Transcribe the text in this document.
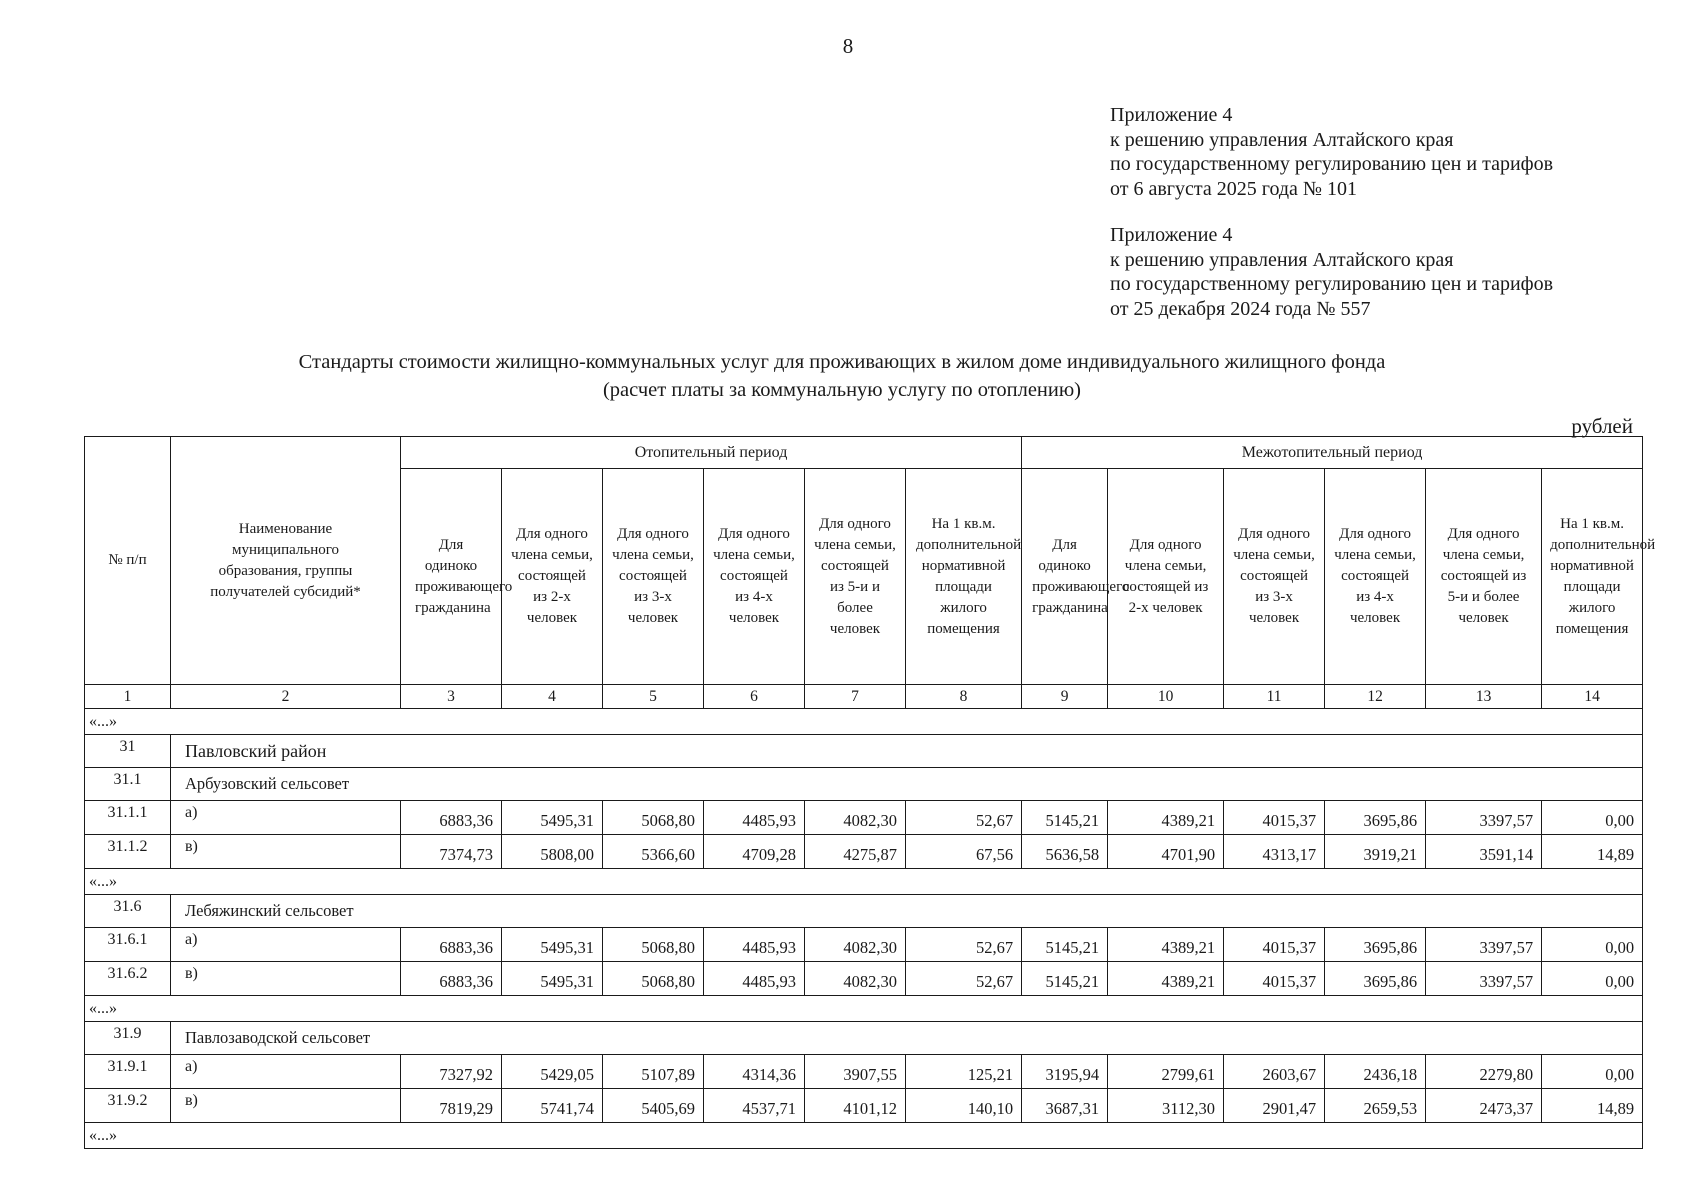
8
Приложение 4
к решению управления Алтайского края
по государственному регулированию цен и тарифов
от 6 августа 2025 года № 101
Приложение 4
к решению управления Алтайского края
по государственному регулированию цен и тарифов
от 25 декабря 2024 года № 557
Стандарты стоимости жилищно-коммунальных услуг для проживающих в жилом доме индивидуального жилищного фонда
(расчет платы за коммунальную услугу по отоплению)
рублей
№ п/п	Наименование муниципального образования, группы получателей субсидий*	Отопительный период						Межотопительный период					
		Для одиноко проживающего гражданина	Для одного члена семьи, состоящей из 2-х человек	Для одного члена семьи, состоящей из 3-х человек	Для одного члена семьи, состоящей из 4-х человек	Для одного члена семьи, состоящей из 5-и и более человек	На 1 кв.м. дополнительной нормативной площади жилого помещения	Для одиноко проживающего гражданина	Для одного члена семьи, состоящей из 2-х человек	Для одного члена семьи, состоящей из 3-х человек	Для одного члена семьи, состоящей из 4-х человек	Для одного члена семьи, состоящей из 5-и и более человек	На 1 кв.м. дополнительной нормативной площади жилого помещения
1	2	3	4	5	6	7	8	9	10	11	12	13	14
«...»													
31	Павловский район												
31.1	Арбузовский сельсовет												
31.1.1	а)	6883,36	5495,31	5068,80	4485,93	4082,30	52,67	5145,21	4389,21	4015,37	3695,86	3397,57	0,00
31.1.2	в)	7374,73	5808,00	5366,60	4709,28	4275,87	67,56	5636,58	4701,90	4313,17	3919,21	3591,14	14,89
«...»													
31.6	Лебяжинский сельсовет												
31.6.1	а)	6883,36	5495,31	5068,80	4485,93	4082,30	52,67	5145,21	4389,21	4015,37	3695,86	3397,57	0,00
31.6.2	в)	6883,36	5495,31	5068,80	4485,93	4082,30	52,67	5145,21	4389,21	4015,37	3695,86	3397,57	0,00
«...»													
31.9	Павлозаводской сельсовет												
31.9.1	а)	7327,92	5429,05	5107,89	4314,36	3907,55	125,21	3195,94	2799,61	2603,67	2436,18	2279,80	0,00
31.9.2	в)	7819,29	5741,74	5405,69	4537,71	4101,12	140,10	3687,31	3112,30	2901,47	2659,53	2473,37	14,89
«...»													
